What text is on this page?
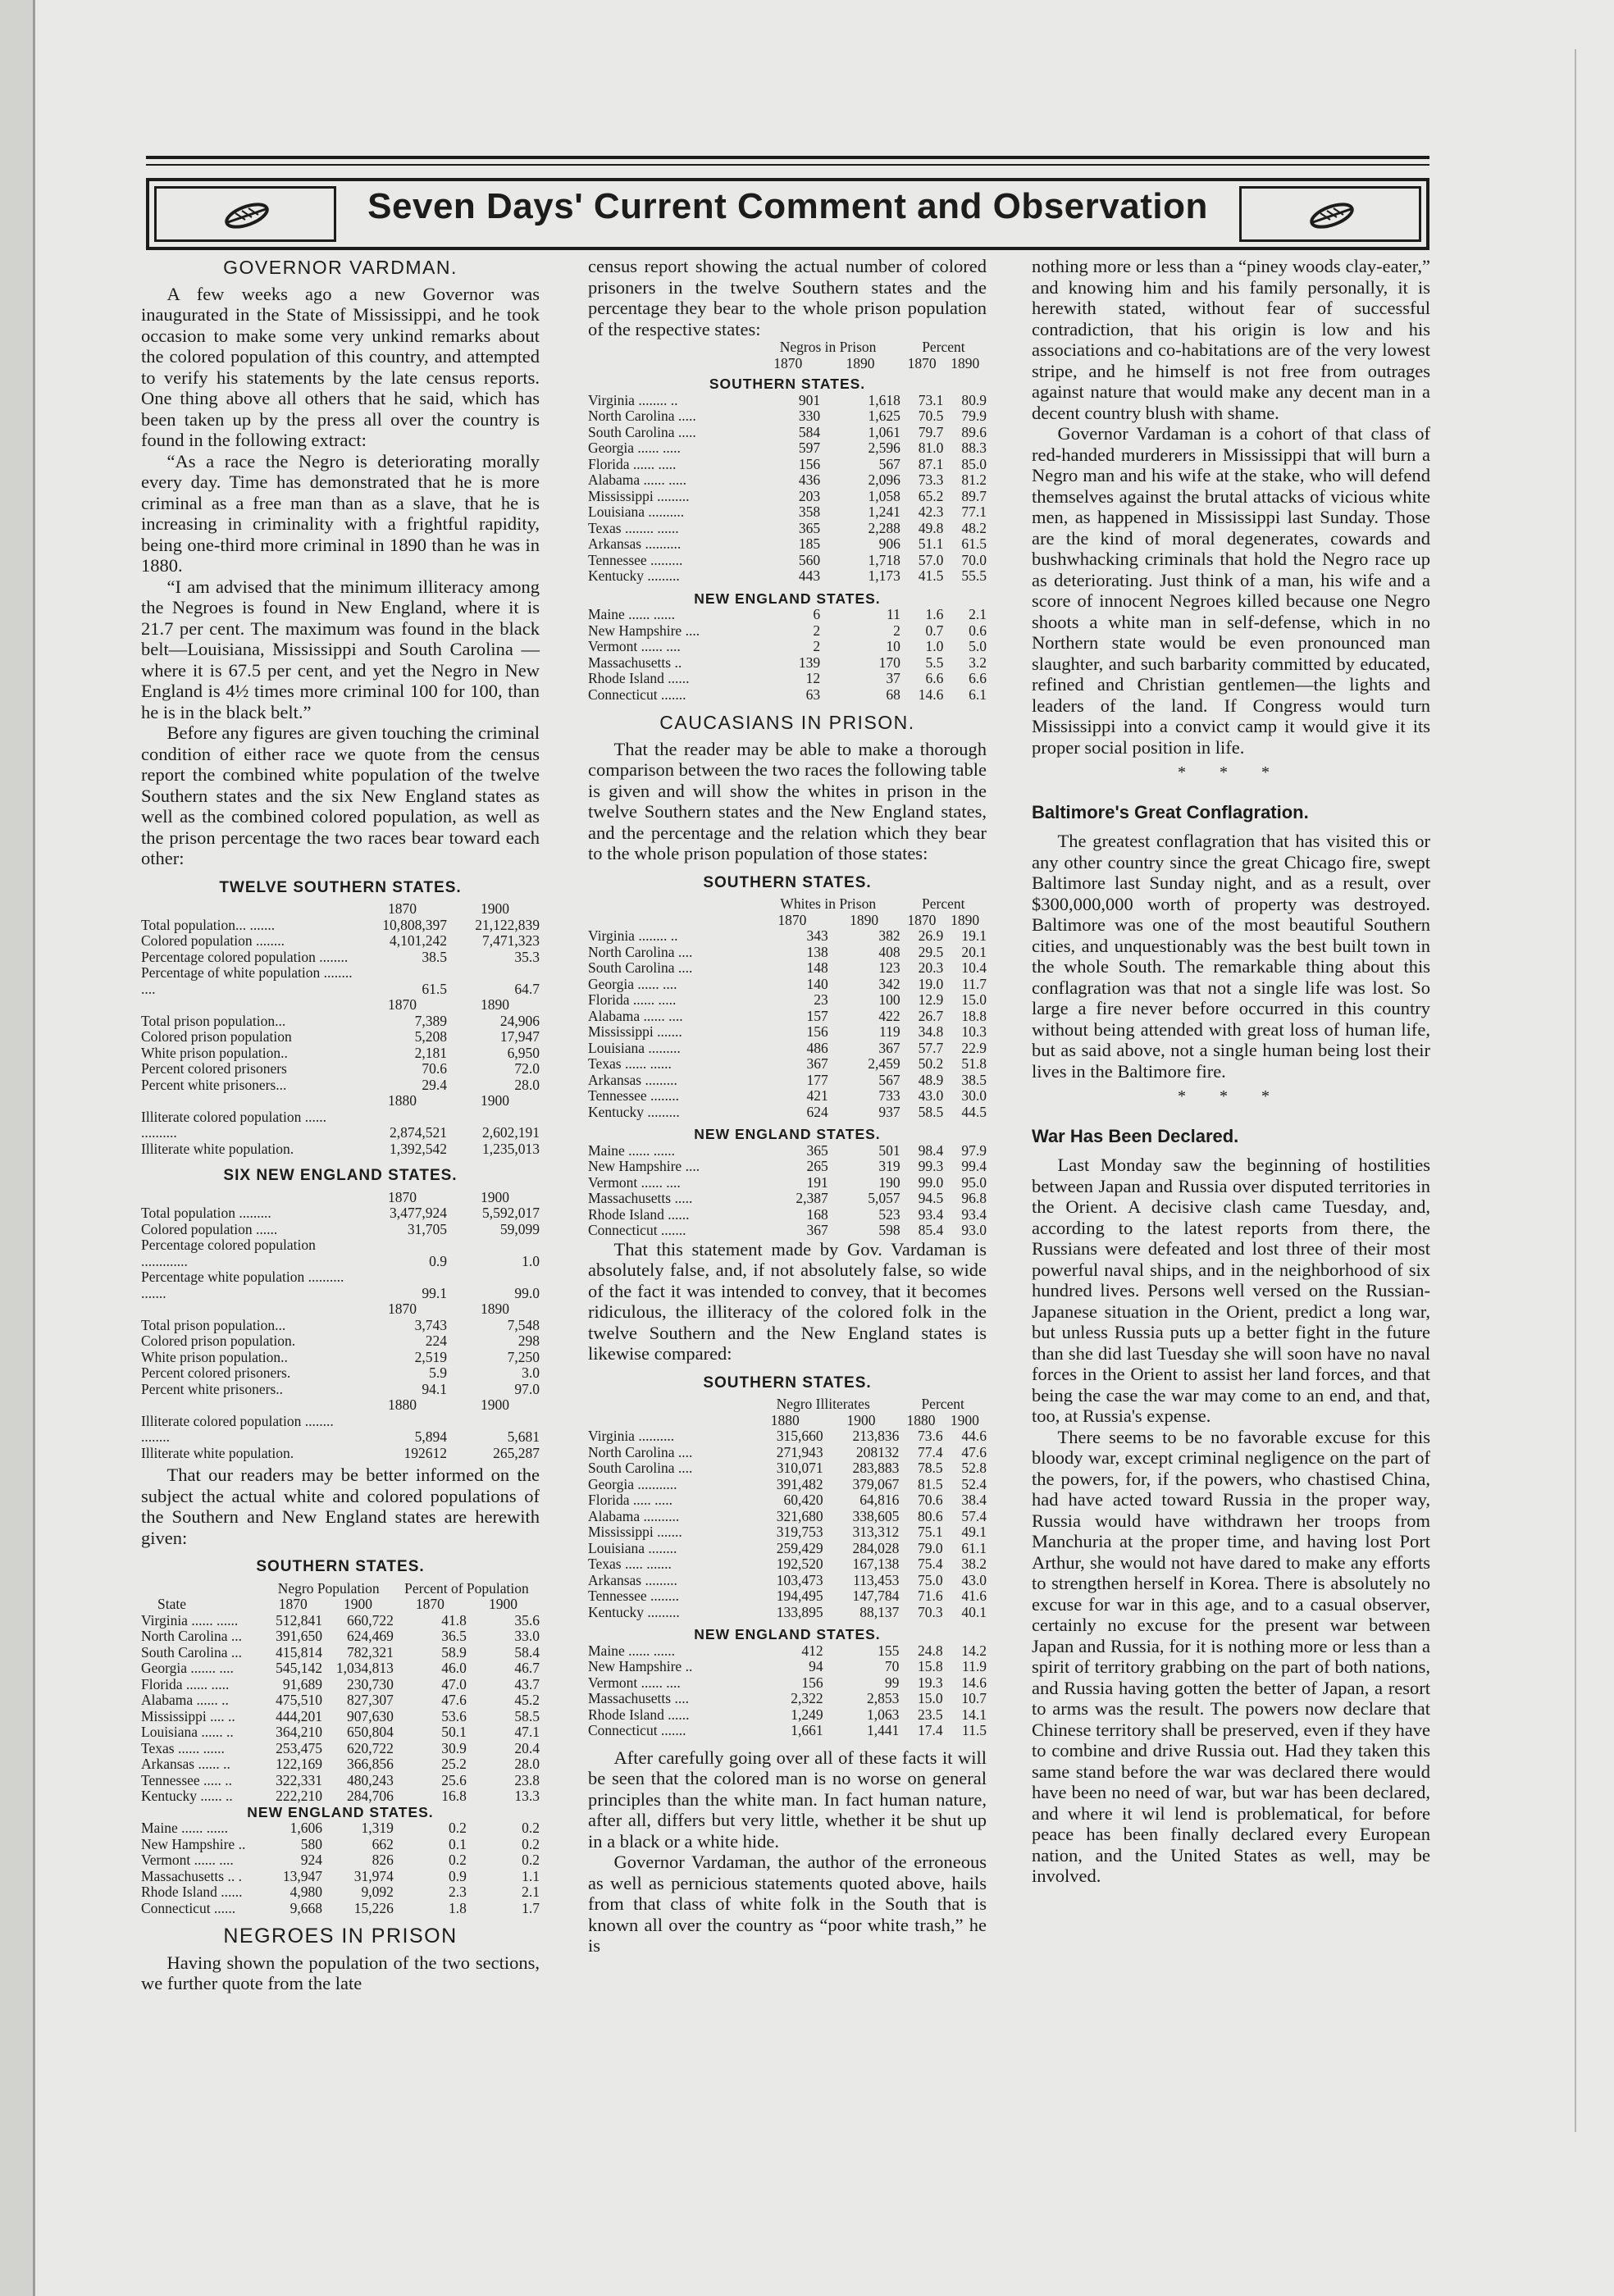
Seven Days' Current Comment and Observation
GOVERNOR VARDMAN.

A few weeks ago a new Governor was inaugurated in the State of Mississippi, and he took occasion to make some very unkind remarks about the colored population of this country, and attempted to verify his statements by the late census reports. One thing above all others that he said, which has been taken up by the press all over the country is found in the following extract:

“As a race the Negro is deteriorating morally every day. Time has demonstrated that he is more criminal as a free man than as a slave, that he is increasing in criminality with a frightful rapidity, being one-third more criminal in 1890 than he was in 1880.

“I am advised that the minimum illiteracy among the Negroes is found in New England, where it is 21.7 per cent. The maximum was found in the black belt—Louisiana, Mississippi and South Carolina —where it is 67.5 per cent, and yet the Negro in New England is 4½ times more criminal 100 for 100, than he is in the black belt.”

Before any figures are given touching the criminal condition of either race we quote from the census report the combined white population of the twelve Southern states and the six New England states as well as the combined colored population, as well as the prison percentage the two races bear toward each other:

TWELVE SOUTHERN STATES.
	1870	1900
Total population... .......	10,808,397	21,122,839
Colored population ........	4,101,242	7,471,323
Percentage colored population ........	38.5	35.3
Percentage of white population ........ ....	61.5	64.7
	1870	1890
Total prison population...	7,389	24,906
Colored prison population	5,208	17,947
White prison population..	2,181	6,950
Percent colored prisoners	70.6	72.0
Percent white prisoners...	29.4	28.0
	1880	1900
Illiterate colored population ...... ..........	2,874,521	2,602,191
Illiterate white population.	1,392,542	1,235,013
SIX NEW ENGLAND STATES.
	1870	1900
Total population .........	3,477,924	5,592,017
Colored population ......	31,705	59,099
Percentage colored population .............	0.9	1.0
Percentage white population .......... .......	99.1	99.0
	1870	1890
Total prison population...	3,743	7,548
Colored prison population.	224	298
White prison population..	2,519	7,250
Percent colored prisoners.	5.9	3.0
Percent white prisoners..	94.1	97.0
	1880	1900
Illiterate colored population ........ ........	5,894	5,681
Illiterate white population.	192612	265,287

That our readers may be better informed on the subject the actual white and colored populations of the Southern and New England states are herewith given:

SOUTHERN STATES.
	Negro Population		Percent of Population	
State	1870	1900	1870	1900
Virginia ...... ......	512,841	660,722	41.8	35.6
North Carolina ...	391,650	624,469	36.5	33.0
South Carolina ...	415,814	782,321	58.9	58.4
Georgia ....... ....	545,142	1,034,813	46.0	46.7
Florida ...... .....	91,689	230,730	47.0	43.7
Alabama ...... ..	475,510	827,307	47.6	45.2
Mississippi .... ..	444,201	907,630	53.6	58.5
Louisiana ...... ..	364,210	650,804	50.1	47.1
Texas ...... ......	253,475	620,722	30.9	20.4
Arkansas ...... ..	122,169	366,856	25.2	28.0
Tennessee ..... ..	322,331	480,243	25.6	23.8
Kentucky ...... ..	222,210	284,706	16.8	13.3
NEW ENGLAND STATES.				
Maine ...... ......	1,606	1,319	0.2	0.2
New Hampshire ..	580	662	0.1	0.2
Vermont ...... ....	924	826	0.2	0.2
Massachusetts .. .	13,947	31,974	0.9	1.1
Rhode Island ......	4,980	9,092	2.3	2.1
Connecticut ......	9,668	15,226	1.8	1.7
NEGROES IN PRISON

Having shown the population of the two sections, we further quote from the late

census report showing the actual number of colored prisoners in the twelve Southern states and the percentage they bear to the whole prison population of the respective states:

	Negros in Prison		Percent	
	1870	1890	1870	1890
SOUTHERN STATES.				
Virginia ........ ..	901	1,618	73.1	80.9
North Carolina .....	330	1,625	70.5	79.9
South Carolina .....	584	1,061	79.7	89.6
Georgia ...... .....	597	2,596	81.0	88.3
Florida ...... .....	156	567	87.1	85.0
Alabama ...... .....	436	2,096	73.3	81.2
Mississippi .........	203	1,058	65.2	89.7
Louisiana ..........	358	1,241	42.3	77.1
Texas ........ ......	365	2,288	49.8	48.2
Arkansas ..........	185	906	51.1	61.5
Tennessee .........	560	1,718	57.0	70.0
Kentucky .........	443	1,173	41.5	55.5
NEW ENGLAND STATES.				
Maine ...... ......	6	11	1.6	2.1
New Hampshire ....	2	2	0.7	0.6
Vermont ...... ....	2	10	1.0	5.0
Massachusetts ..	139	170	5.5	3.2
Rhode Island ......	12	37	6.6	6.6
Connecticut .......	63	68	14.6	6.1
CAUCASIANS IN PRISON.

That the reader may be able to make a thorough comparison between the two races the following table is given and will show the whites in prison in the twelve Southern states and the New England states, and the percentage and the relation which they bear to the whole prison population of those states:

SOUTHERN STATES.
	Whites in Prison		Percent	
	1870	1890	1870	1890
Virginia ........ ..	343	382	26.9	19.1
North Carolina ....	138	408	29.5	20.1
South Carolina ....	148	123	20.3	10.4
Georgia ...... ....	140	342	19.0	11.7
Florida ...... .....	23	100	12.9	15.0
Alabama ...... ....	157	422	26.7	18.8
Mississippi .......	156	119	34.8	10.3
Louisiana .........	486	367	57.7	22.9
Texas ...... ......	367	2,459	50.2	51.8
Arkansas .........	177	567	48.9	38.5
Tennessee ........	421	733	43.0	30.0
Kentucky .........	624	937	58.5	44.5
NEW ENGLAND STATES.				
Maine ...... ......	365	501	98.4	97.9
New Hampshire ....	265	319	99.3	99.4
Vermont ...... ....	191	190	99.0	95.0
Massachusetts .....	2,387	5,057	94.5	96.8
Rhode Island ......	168	523	93.4	93.4
Connecticut .......	367	598	85.4	93.0

That this statement made by Gov. Vardaman is absolutely false, and, if not absolutely false, so wide of the fact it was intended to convey, that it becomes ridiculous, the illiteracy of the colored folk in the twelve Southern and the New England states is likewise compared:

SOUTHERN STATES.
	Negro Illiterates		Percent	
	1880	1900	1880	1900
Virginia ..........	315,660	213,836	73.6	44.6
North Carolina ....	271,943	208132	77.4	47.6
South Carolina ....	310,071	283,883	78.5	52.8
Georgia ...........	391,482	379,067	81.5	52.4
Florida ..... .....	60,420	64,816	70.6	38.4
Alabama ..........	321,680	338,605	80.6	57.4
Mississippi .......	319,753	313,312	75.1	49.1
Louisiana ........	259,429	284,028	79.0	61.1
Texas ..... .......	192,520	167,138	75.4	38.2
Arkansas .........	103,473	113,453	75.0	43.0
Tennessee ........	194,495	147,784	71.6	41.6
Kentucky .........	133,895	88,137	70.3	40.1
NEW ENGLAND STATES.				
Maine ...... ......	412	155	24.8	14.2
New Hampshire ..	94	70	15.8	11.9
Vermont ...... ....	156	99	19.3	14.6
Massachusetts ....	2,322	2,853	15.0	10.7
Rhode Island ......	1,249	1,063	23.5	14.1
Connecticut .......	1,661	1,441	17.4	11.5

After carefully going over all of these facts it will be seen that the colored man is no worse on general principles than the white man. In fact human nature, after all, differs but very little, whether it be shut up in a black or a white hide.

Governor Vardaman, the author of the erroneous as well as pernicious statements quoted above, hails from that class of white folk in the South that is known all over the country as “poor white trash,” he is

nothing more or less than a “piney woods clay-eater,” and knowing him and his family personally, it is herewith stated, without fear of successful contradiction, that his origin is low and his associations and co-habitations are of the very lowest stripe, and he himself is not free from outrages against nature that would make any decent man in a decent country blush with shame.

Governor Vardaman is a cohort of that class of red-handed murderers in Mississippi that will burn a Negro man and his wife at the stake, who will defend themselves against the brutal attacks of vicious white men, as happened in Mississippi last Sunday. Those are the kind of moral degenerates, cowards and bushwhacking criminals that hold the Negro race up as deteriorating. Just think of a man, his wife and a score of innocent Negroes killed because one Negro shoots a white man in self-defense, which in no Northern state would be even pronounced man slaughter, and such barbarity committed by educated, refined and Christian gentlemen—the lights and leaders of the land. If Congress would turn Mississippi into a convict camp it would give it its proper social position in life.

* * *
Baltimore's Great Conflagration.

The greatest conflagration that has visited this or any other country since the great Chicago fire, swept Baltimore last Sunday night, and as a result, over $300,000,000 worth of property was destroyed. Baltimore was one of the most beautiful Southern cities, and unquestionably was the best built town in the whole South. The remarkable thing about this conflagration was that not a single life was lost. So large a fire never before occurred in this country without being attended with great loss of human life, but as said above, not a single human being lost their lives in the Baltimore fire.

* * *
War Has Been Declared.

Last Monday saw the beginning of hostilities between Japan and Russia over disputed territories in the Orient. A decisive clash came Tuesday, and, according to the latest reports from there, the Russians were defeated and lost three of their most powerful naval ships, and in the neighborhood of six hundred lives. Persons well versed on the Russian-Japanese situation in the Orient, predict a long war, but unless Russia puts up a better fight in the future than she did last Tuesday she will soon have no naval forces in the Orient to assist her land forces, and that being the case the war may come to an end, and that, too, at Russia's expense.

There seems to be no favorable excuse for this bloody war, except criminal negligence on the part of the powers, for, if the powers, who chastised China, had have acted toward Russia in the proper way, Russia would have withdrawn her troops from Manchuria at the proper time, and having lost Port Arthur, she would not have dared to make any efforts to strengthen herself in Korea. There is absolutely no excuse for war in this age, and to a casual observer, certainly no excuse for the present war between Japan and Russia, for it is nothing more or less than a spirit of territory grabbing on the part of both nations, and Russia having gotten the better of Japan, a resort to arms was the result. The powers now declare that Chinese territory shall be preserved, even if they have to combine and drive Russia out. Had they taken this same stand before the war was declared there would have been no need of war, but war has been declared, and where it wil lend is problematical, for before peace has been finally declared every European nation, and the United States as well, may be involved.
